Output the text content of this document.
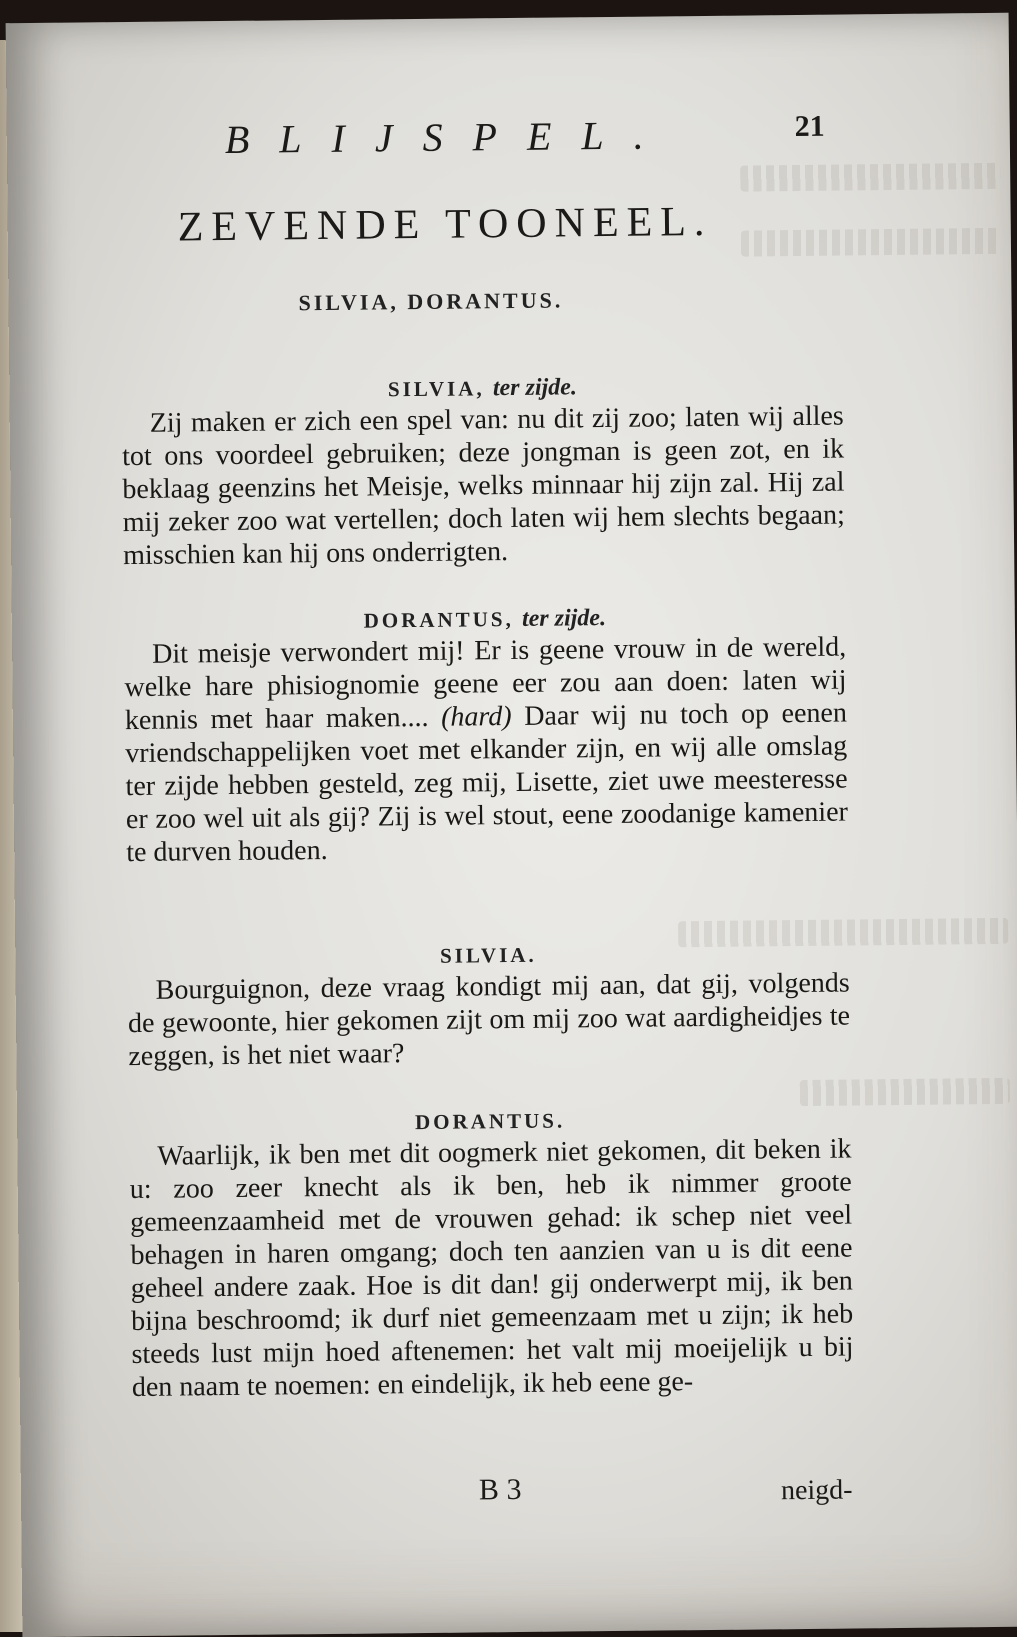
BLIJSPEL.	21
ZEVENDE TOONEEL.
SILVIA, DORANTUS.
SILVIA, ter zijde.

Zij maken er zich een spel van: nu dit zij zoo; laten wij alles tot ons voordeel gebruiken; deze jongman is geen zot, en ik beklaag geenzins het Meisje, welks minnaar hij zijn zal. Hij zal mij zeker zoo wat vertellen; doch laten wij hem slechts begaan; misschien kan hij ons onderrigten.

DORANTUS, ter zijde.

Dit meisje verwondert mij! Er is geene vrouw in de wereld, welke hare phisiognomie geene eer zou aan doen: laten wij kennis met haar maken.... (hard) Daar wij nu toch op eenen vriendschappelijken voet met elkander zijn, en wij alle omslag ter zijde hebben gesteld, zeg mij, Lisette, ziet uwe meesteresse er zoo wel uit als gij? Zij is wel stout, eene zoodanige kamenier te durven houden.

SILVIA.

Bourguignon, deze vraag kondigt mij aan, dat gij, volgends de gewoonte, hier gekomen zijt om mij zoo wat aardigheidjes te zeggen, is het niet waar?

DORANTUS.

Waarlijk, ik ben met dit oogmerk niet gekomen, dit beken ik u: zoo zeer knecht als ik ben, heb ik nimmer groote gemeenzaamheid met de vrouwen gehad: ik schep niet veel behagen in haren omgang; doch ten aanzien van u is dit eene geheel andere zaak. Hoe is dit dan! gij onderwerpt mij, ik ben bijna beschroomd; ik durf niet gemeenzaam met u zijn; ik heb steeds lust mijn hoed aftenemen: het valt mij moeijelijk u bij den naam te noemen: en eindelijk, ik heb eene ge-

B 3	neigd-
